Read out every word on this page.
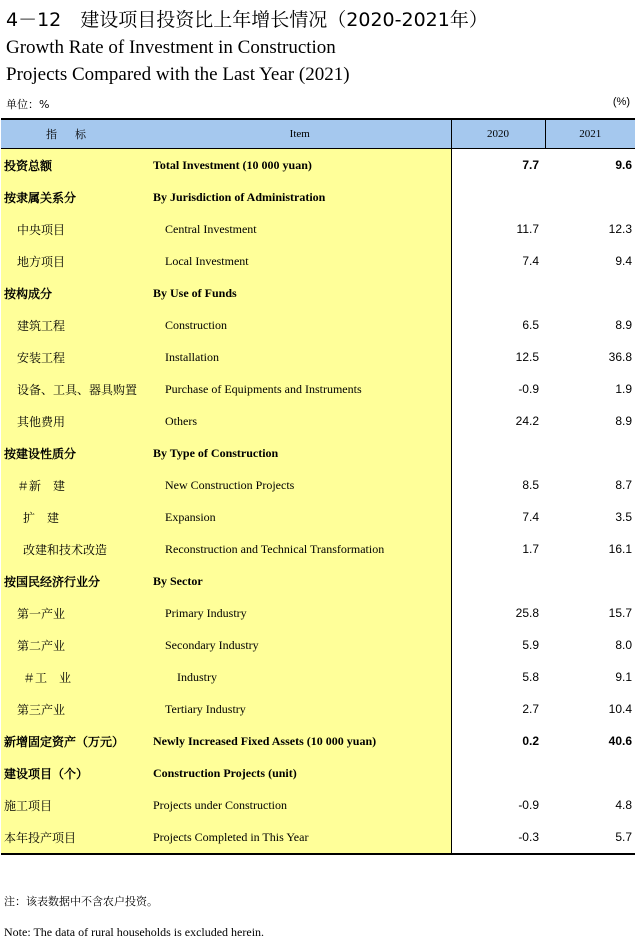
4－12　建设项目投资比上年增长情况（2020-2021年）
Growth Rate of Investment in Construction
Projects Compared with the Last Year (2021)
单位：%	(%)
指标	Item	2020	2021
投资总额	Total Investment (10 000 yuan)	7.7	9.6
按隶属关系分	By Jurisdiction of Administration		
中央项目	Central Investment	11.7	12.3
地方项目	Local Investment	7.4	9.4
按构成分	By Use of Funds		
建筑工程	Construction	6.5	8.9
安装工程	Installation	12.5	36.8
设备、工具、器具购置	Purchase of Equipments and Instruments	-0.9	1.9
其他费用	Others	24.2	8.9
按建设性质分	By Type of Construction		
＃新　建	New Construction Projects	8.5	8.7
扩　建	Expansion	7.4	3.5
改建和技术改造	Reconstruction and Technical Transformation	1.7	16.1
按国民经济行业分	By Sector		
第一产业	Primary Industry	25.8	15.7
第二产业	Secondary Industry	5.9	8.0
＃工　业	Industry	5.8	9.1
第三产业	Tertiary Industry	2.7	10.4
新增固定资产（万元）	Newly Increased Fixed Assets (10 000 yuan)	0.2	40.6
建设项目（个）	Construction Projects (unit)		
施工项目	Projects under Construction	-0.9	4.8
本年投产项目	Projects Completed in This Year	-0.3	5.7
注：该表数据中不含农户投资。
Note: The data of rural households is excluded herein.
